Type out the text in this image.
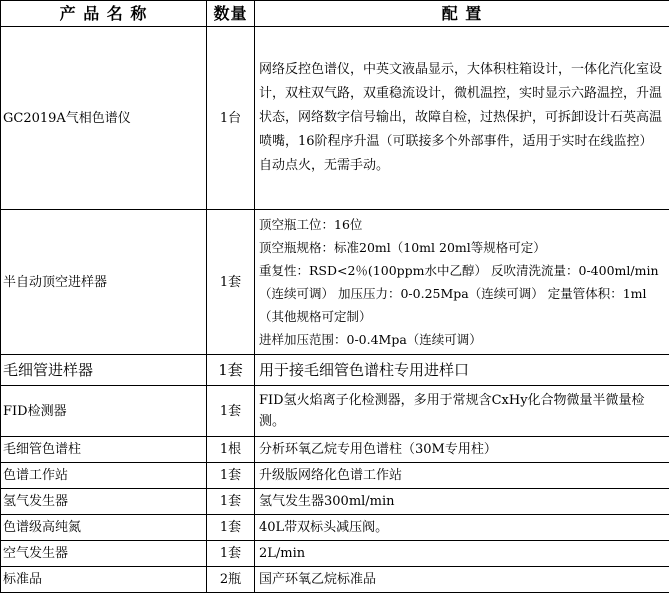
产 品 名 称	数量	配 置
GC2019A气相色谱仪	1台	网络反控色谱仪，中英文液晶显示，大体积柱箱设计，一体化汽化室设计，双柱双气路，双重稳流设计，微机温控，实时显示六路温控，升温状态，网络数字信号输出，故障自检，过热保护，可拆卸设计石英高温喷嘴，16阶程序升温（可联接多个外部事件，适用于实时在线监控）自动点火，无需手动。
半自动顶空进样器	1套	顶空瓶工位：16位
顶空瓶规格：标准20ml（10ml 20ml等规格可定）
重复性：RSD<2％(100ppm水中乙醇） 反吹清洗流量：0-400ml/min（连续可调） 加压压力：0-0.25Mpa（连续可调） 定量管体积：1ml（其他规格可定制）
进样加压范围：0-0.4Mpa（连续可调）

毛细管进样器	1套	用于接毛细管色谱柱专用进样口
FID检测器	1套	FID氢火焰离子化检测器，多用于常规含CxHy化合物微量半微量检测。
毛细管色谱柱	1根	分析环氧乙烷专用色谱柱（30M专用柱）
色谱工作站	1套	升级版网络化色谱工作站
氢气发生器	1套	氢气发生器300ml/min
色谱级高纯氮	1套	40L带双标头减压阀。
空气发生器	1套	2L/min
标准品	2瓶	国产环氧乙烷标准品
